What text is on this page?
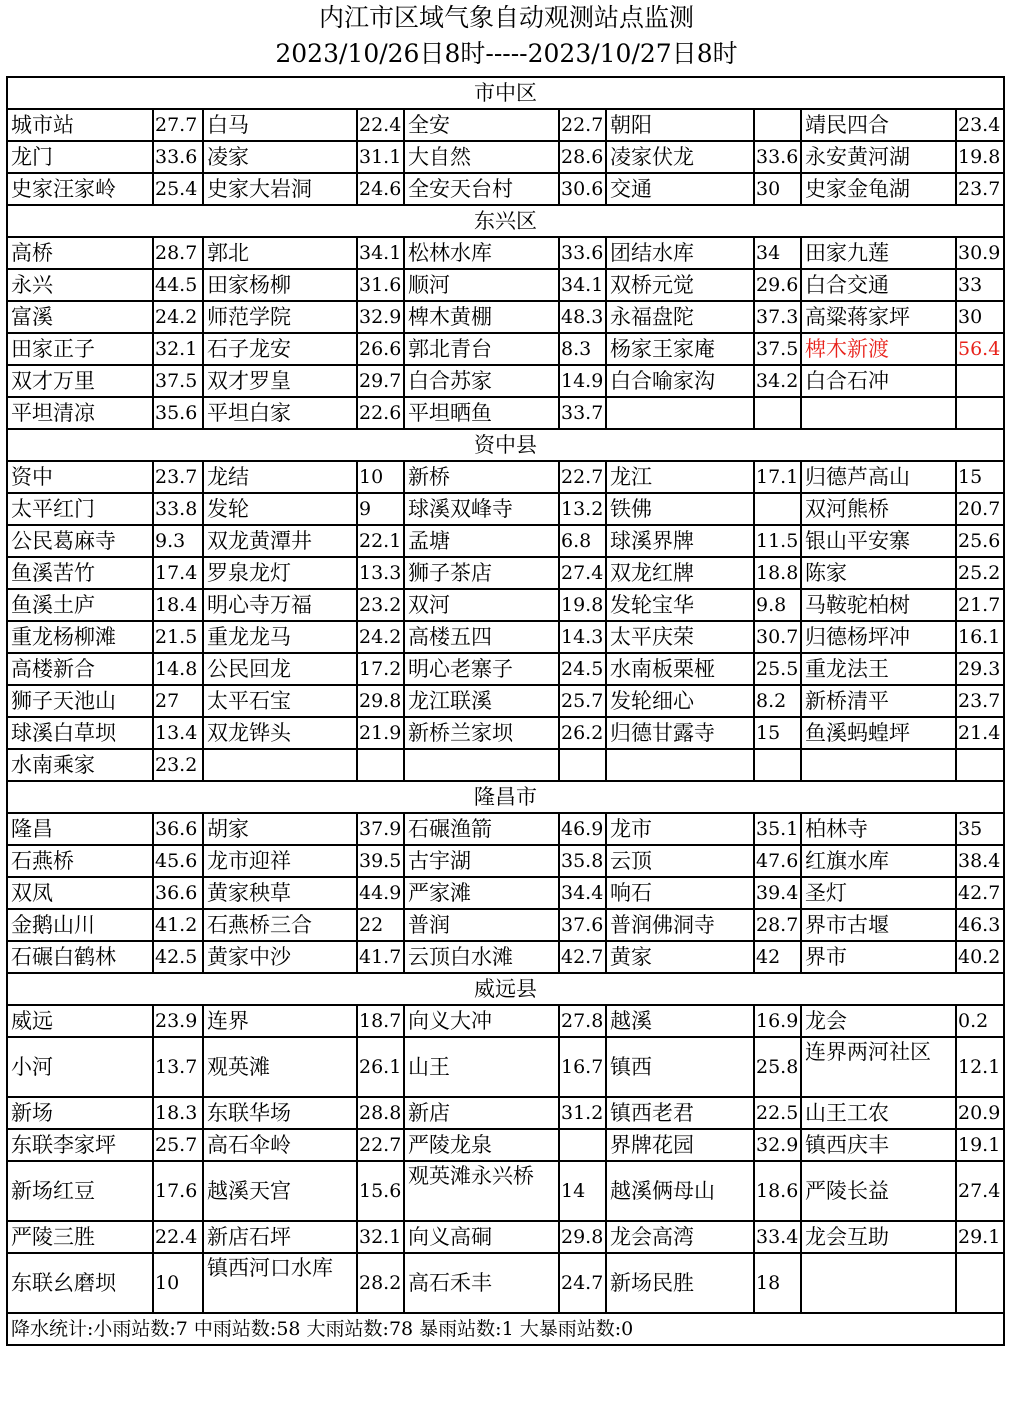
内江市区域气象自动观测站点监测
2023/10/26日8时-----2023/10/27日8时
市中区									
城市站	27.7	白马	22.4	全安	22.7	朝阳		靖民四合	23.4
龙门	33.6	凌家	31.1	大自然	28.6	凌家伏龙	33.6	永安黄河湖	19.8
史家汪家岭	25.4	史家大岩洞	24.6	全安天台村	30.6	交通	30	史家金龟湖	23.7
东兴区									
高桥	28.7	郭北	34.1	松林水库	33.6	团结水库	34	田家九莲	30.9
永兴	44.5	田家杨柳	31.6	顺河	34.1	双桥元觉	29.6	白合交通	33
富溪	24.2	师范学院	32.9	椑木黄棚	48.3	永福盘陀	37.3	高粱蒋家坪	30
田家正子	32.1	石子龙安	26.6	郭北青台	8.3	杨家王家庵	37.5	椑木新渡	56.4
双才万里	37.5	双才罗皇	29.7	白合苏家	14.9	白合喻家沟	34.2	白合石冲	
平坦清凉	35.6	平坦白家	22.6	平坦晒鱼	33.7				
资中县									
资中	23.7	龙结	10	新桥	22.7	龙江	17.1	归德芦高山	15
太平红门	33.8	发轮	9	球溪双峰寺	13.2	铁佛		双河熊桥	20.7
公民葛麻寺	9.3	双龙黄潭井	22.1	孟塘	6.8	球溪界牌	11.5	银山平安寨	25.6
鱼溪苦竹	17.4	罗泉龙灯	13.3	狮子茶店	27.4	双龙红牌	18.8	陈家	25.2
鱼溪土庐	18.4	明心寺万福	23.2	双河	19.8	发轮宝华	9.8	马鞍驼柏树	21.7
重龙杨柳滩	21.5	重龙龙马	24.2	高楼五四	14.3	太平庆荣	30.7	归德杨坪冲	16.1
高楼新合	14.8	公民回龙	17.2	明心老寨子	24.5	水南板栗桠	25.5	重龙法王	29.3
狮子天池山	27	太平石宝	29.8	龙江联溪	25.7	发轮细心	8.2	新桥清平	23.7
球溪白草坝	13.4	双龙铧头	21.9	新桥兰家坝	26.2	归德甘露寺	15	鱼溪蚂蝗坪	21.4
水南乘家	23.2								
隆昌市									
隆昌	36.6	胡家	37.9	石碾渔箭	46.9	龙市	35.1	柏林寺	35
石燕桥	45.6	龙市迎祥	39.5	古宇湖	35.8	云顶	47.6	红旗水库	38.4
双凤	36.6	黄家秧草	44.9	严家滩	34.4	响石	39.4	圣灯	42.7
金鹅山川	41.2	石燕桥三合	22	普润	37.6	普润佛洞寺	28.7	界市古堰	46.3
石碾白鹤林	42.5	黄家中沙	41.7	云顶白水滩	42.7	黄家	42	界市	40.2
威远县									
威远	23.9	连界	18.7	向义大冲	27.8	越溪	16.9	龙会	0.2
小河	13.7	观英滩	26.1	山王	16.7	镇西	25.8	连界两河社区	12.1
新场	18.3	东联华场	28.8	新店	31.2	镇西老君	22.5	山王工农	20.9
东联李家坪	25.7	高石伞岭	22.7	严陵龙泉		界牌花园	32.9	镇西庆丰	19.1
新场红豆	17.6	越溪天宫	15.6	观英滩永兴桥	14	越溪俩母山	18.6	严陵长益	27.4
严陵三胜	22.4	新店石坪	32.1	向义高硐	29.8	龙会高湾	33.4	龙会互助	29.1
东联幺磨坝	10	镇西河口水库	28.2	高石禾丰	24.7	新场民胜	18		
降水统计:小雨站数:7 中雨站数:58 大雨站数:78 暴雨站数:1 大暴雨站数:0									
